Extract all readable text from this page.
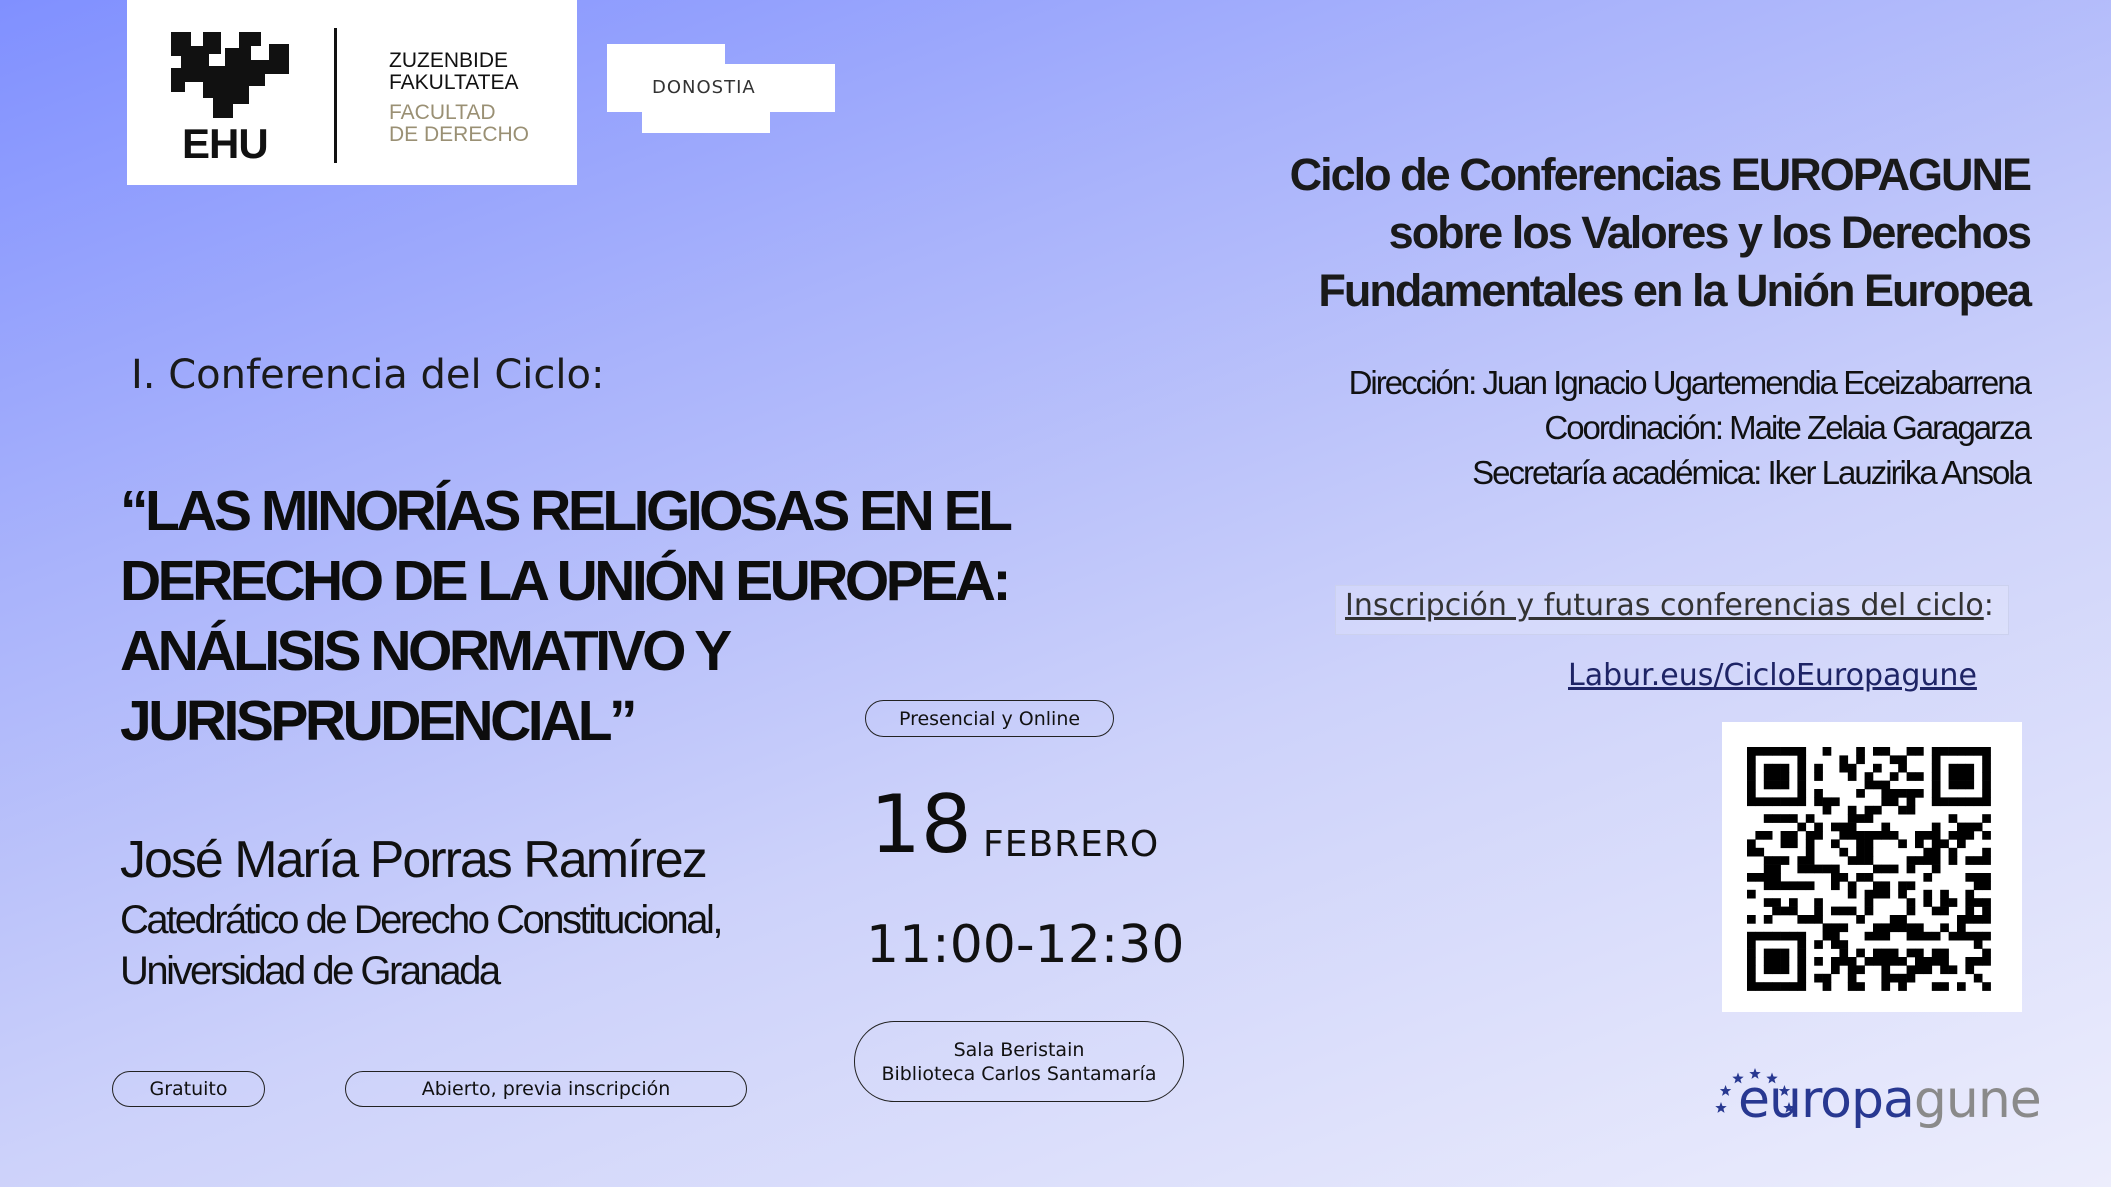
EHU
ZUZENBIDE
FAKULTATEA
FACULTAD
DE DERECHO
DONOSTIA
Ciclo de Conferencias EUROPAGUNE
sobre los Valores y los Derechos
Fundamentales en la Unión Europea
Dirección: Juan Ignacio Ugartemendia Eceizabarrena
Coordinación: Maite Zelaia Garagarza
Secretaría académica: Iker Lauzirika Ansola
Inscripción y futuras conferencias del ciclo:
Labur.eus/CicloEuropagune
europagune
I. Conferencia del Ciclo:
“LAS MINORÍAS RELIGIOSAS EN EL
DERECHO DE LA UNIÓN EUROPEA:
ANÁLISIS NORMATIVO Y
JURISPRUDENCIAL”
José María Porras Ramírez
Catedrático de Derecho Constitucional,
Universidad de Granada
Presencial y Online
18 FEBRERO
11:00-12:30
Sala Beristain
Biblioteca Carlos Santamaría
Gratuito	Abierto, previa inscripción
